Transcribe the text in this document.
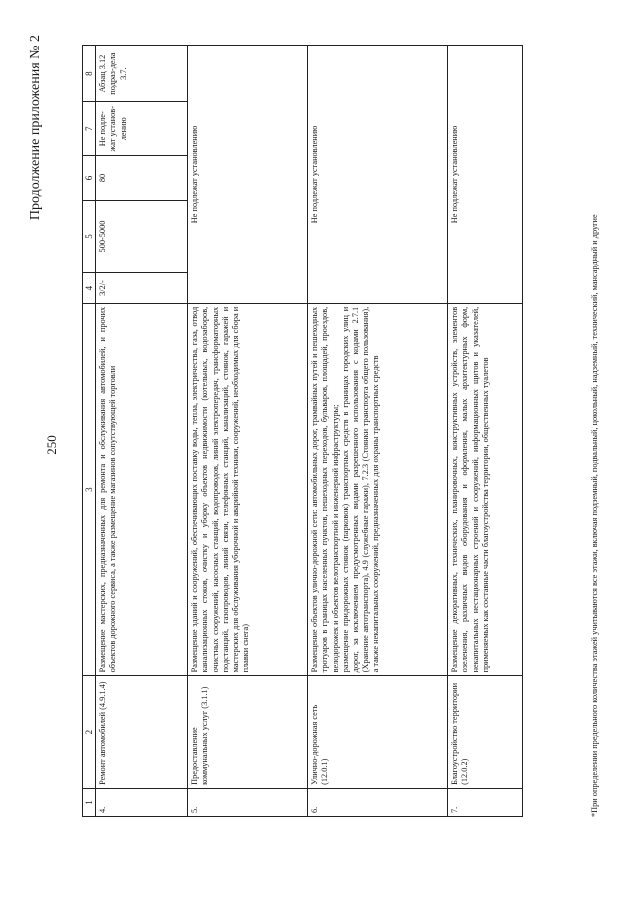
250
Продолжение приложения № 2
1	2	3	4	5	6	7	8
4.	Ремонт автомобилей (4.9.1.4)	Размещение мастерских, предназначенных для ремонта и обслуживания автомобилей, и прочих объектов дорожного сервиса, а также размещение магазинов сопутствующей торговли	3/2/-	500-5000	80	Не подле-жат установ-лению	Абзац 3.12 подраз-дела 3.7.
5.	Предоставление коммунальных услуг (3.1.1)	Размещение зданий и сооружений, обеспечивающих поставку воды, тепла, электричества, газа, отвод канализационных стоков, очистку и уборку объектов недвижимости (котельных, водозаборов, очистных сооружений, насосных станций, водопроводов, линий электропередач, трансформаторных подстанций, газопроводов, линий связи, телефонных станций, канализаций, стоянок, гаражей и мастерских для обслуживания уборочной и аварийной техники, сооружений, необходимых для сбора и плавки снега)	Не подлежат установлению				
6.	Улично-дорожная сеть (12.0.1)	Размещение объектов улично-дорожной сети: автомобильных дорог, трамвайных путей и пешеходных тротуаров в границах населенных пунктов, пешеходных переходов, бульваров, площадей, проездов, велодорожек и объектов велотранспортной и инженерной инфраструктуры; размещение придорожных стоянок (парковок) транспортных средств в границах городских улиц и дорог, за исключением предусмотренных видами разрешенного использования с кодами 2.7.1 (Хранение автотранспорта), 4.9 (служебные гаражи), 7.2.3 (Стоянки транспорта общего пользования), а также некапитальных сооружений, предназначенных для охраны транспортных средств	Не подлежат установлению				
7.	Благоустройство территории (12.0.2)	Размещение декоративных, технических, планировочных, конструктивных устройств, элементов озеленения, различных видов оборудования и оформления, малых архитектурных форм, некапитальных нестационарных строений и сооружений, информационных щитов и указателей, применяемых как составные части благоустройства территории, общественных туалетов	Не подлежат установлению				
*При определении предельного количества этажей учитываются все этажи, включая подземный, подвальный, цокольный, надземный, технический, мансардный и другие
